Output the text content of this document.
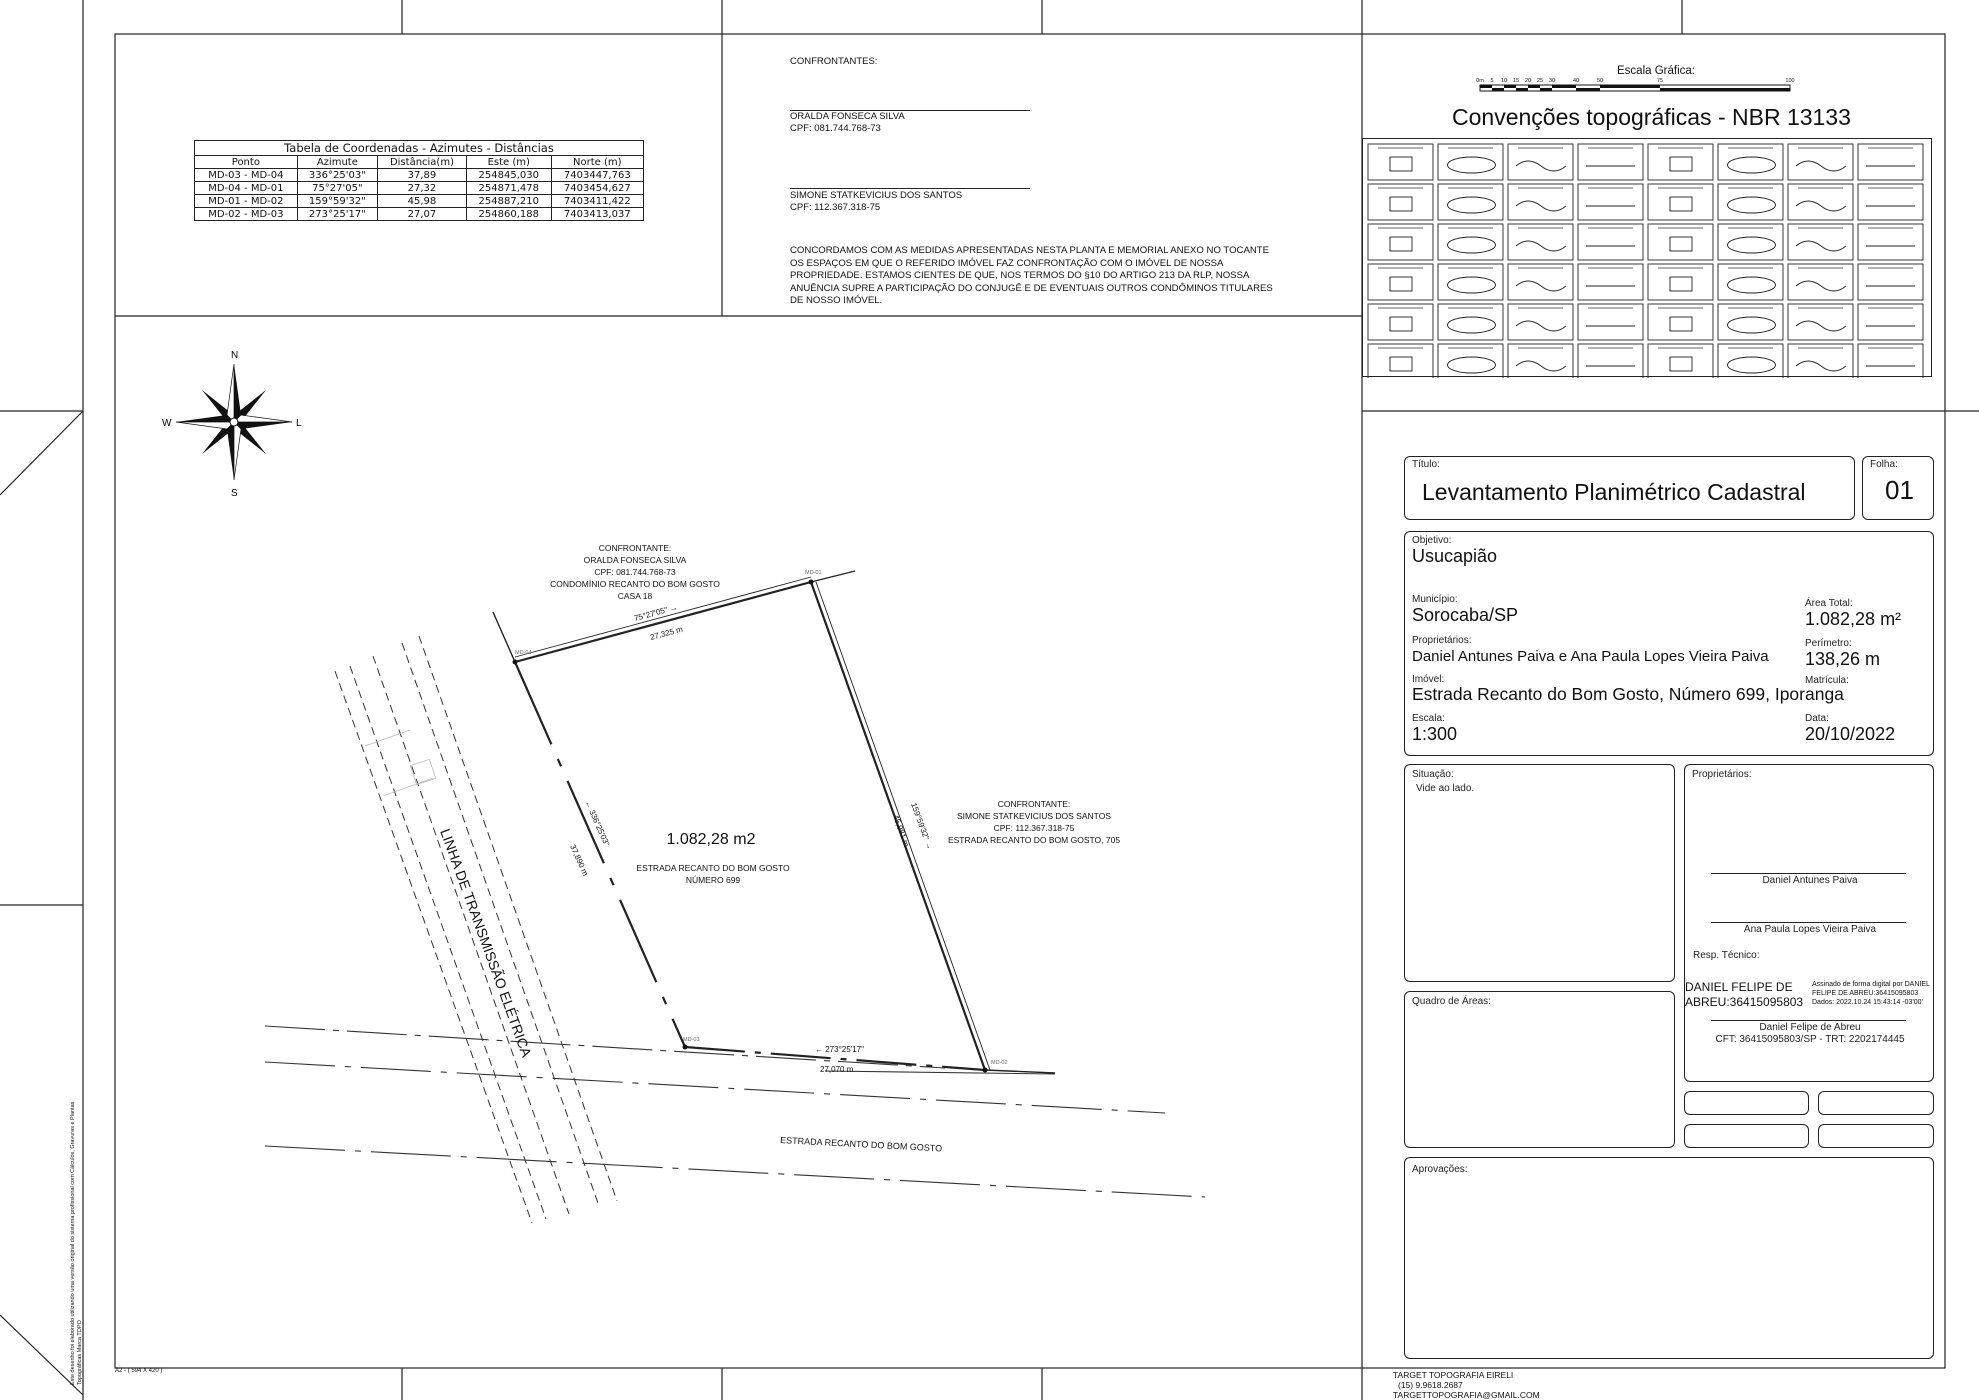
Tabela de Coordenadas - Azimutes - Distâncias
Ponto	Azimute	Distância(m)	Este (m)	Norte (m)
MD-03 - MD-04	336°25'03"	37,89	254845,030	7403447,763
MD-04 - MD-01	75°27'05"	27,32	254871,478	7403454,627
MD-01 - MD-02	159°59'32"	45,98	254887,210	7403411,422
MD-02 - MD-03	273°25'17"	27,07	254860,188	7403413,037
CONFRONTANTES:
ORALDA FONSECA SILVA
CPF: 081.744.768-73
SIMONE STATKEVICIUS DOS SANTOS
CPF: 112.367.318-75
CONCORDAMOS COM AS MEDIDAS APRESENTADAS NESTA PLANTA E MEMORIAL ANEXO NO TOCANTE OS ESPAÇOS EM QUE O REFERIDO IMÓVEL FAZ CONFRONTAÇÃO COM O IMÓVEL DE NOSSA PROPRIEDADE. ESTAMOS CIENTES DE QUE, NOS TERMOS DO §10 DO ARTIGO 213 DA RLP, NOSSA ANUÊNCIA SUPRE A PARTICIPAÇÃO DO CONJUGÊ E DE EVENTUAIS OUTROS CONDÔMINOS TITULARES DE NOSSO IMÓVEL.
Escala Gráfica:
0m 5 10 15 20 25 30	40	50	75	100
Convenções topográficas - NBR 13133
N
S
W	L
MD-04
MD-01
MD-03
MD-02
75°27'05" →
27,325 m
← 336°25'03"
37,890 m
159°59'32" →
45,981 m
← 273°25'17"
27,070 m
CONFRONTANTE:
ORALDA FONSECA SILVA
CPF: 081.744.768-73
CONDOMÍNIO RECANTO DO BOM GOSTO
CASA 18
CONFRONTANTE:
SIMONE STATKEVICIUS DOS SANTOS
CPF: 112.367.318-75
ESTRADA RECANTO DO BOM GOSTO, 705
1.082,28 m2
ESTRADA RECANTO DO BOM GOSTO
NÚMERO 699
LINHA DE TRANSMISSÃO ELÉTRICA
ESTRADA RECANTO DO BOM GOSTO
Título:
Levantamento Planimétrico Cadastral
Folha:
01
Objetivo:
Usucapião
Município:
Sorocaba/SP
Área Total:
1.082,28 m²
Proprietários:
Daniel Antunes Paiva e Ana Paula Lopes Vieira Paiva
Perímetro:
138,26 m
Imóvel:
Estrada Recanto do Bom Gosto, Número 699, Iporanga
Matrícula:
Escala:
1:300
Data:
20/10/2022
Situação:
Vide ao lado.
Proprietários:
Daniel Antunes Paiva
Ana Paula Lopes Vieira Paiva
Resp. Técnico:
DANIEL FELIPE DE ABREU:36415095803
Assinado de forma digital por DANIEL FELIPE DE ABREU:36415095803 Dados: 2022.10.24 15:43:14 -03'00'
Daniel Felipe de Abreu
CFT: 36415095803/SP - TRT: 2202174445
Quadro de Áreas:
Aprovações:
TARGET TOPOGRAFIA EIRELI
(15) 9.9618.2687
TARGETTOPOGRAFIA@GMAIL.COM
A2 - ( 594 X 420 )
Este desenho foi elaborado utilizando uma versão original do sistema profissional com Cálculos, Gravuras e Plantas Topográficas Marca TOPO
